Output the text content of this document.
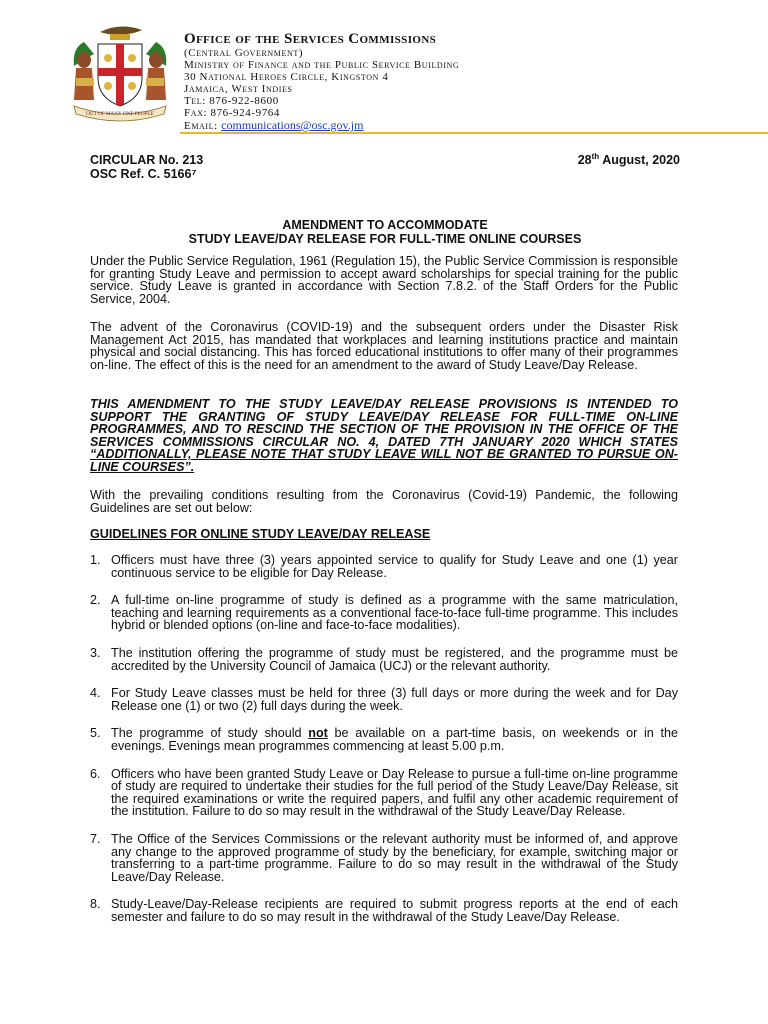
OUT OF MANY ONE PEOPLE
Office of the Services Commissions
(Central Government)
Ministry of Finance and the Public Service Building
30 National Heroes Circle, Kingston 4
Jamaica, West Indies
Tel: 876-922-8600
Fax: 876-924-9764
Email: communications@osc.gov.jm
CIRCULAR No. 213
OSC Ref. C. 5166⁷
28th August, 2020
AMENDMENT TO ACCOMMODATE
STUDY LEAVE/DAY RELEASE FOR FULL-TIME ONLINE COURSES
Under the Public Service Regulation, 1961 (Regulation 15), the Public Service Commission is responsible for granting Study Leave and permission to accept award scholarships for special training for the public service. Study Leave is granted in accordance with Section 7.8.2. of the Staff Orders for the Public Service, 2004.
The advent of the Coronavirus (COVID-19) and the subsequent orders under the Disaster Risk Management Act 2015, has mandated that workplaces and learning institutions practice and maintain physical and social distancing. This has forced educational institutions to offer many of their programmes on-line. The effect of this is the need for an amendment to the award of Study Leave/Day Release.
THIS AMENDMENT TO THE STUDY LEAVE/DAY RELEASE PROVISIONS IS INTENDED TO SUPPORT THE GRANTING OF STUDY LEAVE/DAY RELEASE FOR FULL-TIME ON-LINE PROGRAMMES, AND TO RESCIND THE SECTION OF THE PROVISION IN THE OFFICE OF THE SERVICES COMMISSIONS CIRCULAR NO. 4, DATED 7TH JANUARY 2020 WHICH STATES “ADDITIONALLY, PLEASE NOTE THAT STUDY LEAVE WILL NOT BE GRANTED TO PURSUE ON-LINE COURSES”.
With the prevailing conditions resulting from the Coronavirus (Covid-19) Pandemic, the following Guidelines are set out below:
GUIDELINES FOR ONLINE STUDY LEAVE/DAY RELEASE
1. Officers must have three (3) years appointed service to qualify for Study Leave and one (1) year continuous service to be eligible for Day Release.
2. A full-time on-line programme of study is defined as a programme with the same matriculation, teaching and learning requirements as a conventional face-to-face full-time programme. This includes hybrid or blended options (on-line and face-to-face modalities).
3. The institution offering the programme of study must be registered, and the programme must be accredited by the University Council of Jamaica (UCJ) or the relevant authority.
4. For Study Leave classes must be held for three (3) full days or more during the week and for Day Release one (1) or two (2) full days during the week.
5. The programme of study should not be available on a part-time basis, on weekends or in the evenings. Evenings mean programmes commencing at least 5.00 p.m.
6. Officers who have been granted Study Leave or Day Release to pursue a full-time on-line programme of study are required to undertake their studies for the full period of the Study Leave/Day Release, sit the required examinations or write the required papers, and fulfil any other academic requirement of the institution. Failure to do so may result in the withdrawal of the Study Leave/Day Release.
7. The Office of the Services Commissions or the relevant authority must be informed of, and approve any change to the approved programme of study by the beneficiary, for example, switching major or transferring to a part-time programme. Failure to do so may result in the withdrawal of the Study Leave/Day Release.
8. Study-Leave/Day-Release recipients are required to submit progress reports at the end of each semester and failure to do so may result in the withdrawal of the Study Leave/Day Release.
